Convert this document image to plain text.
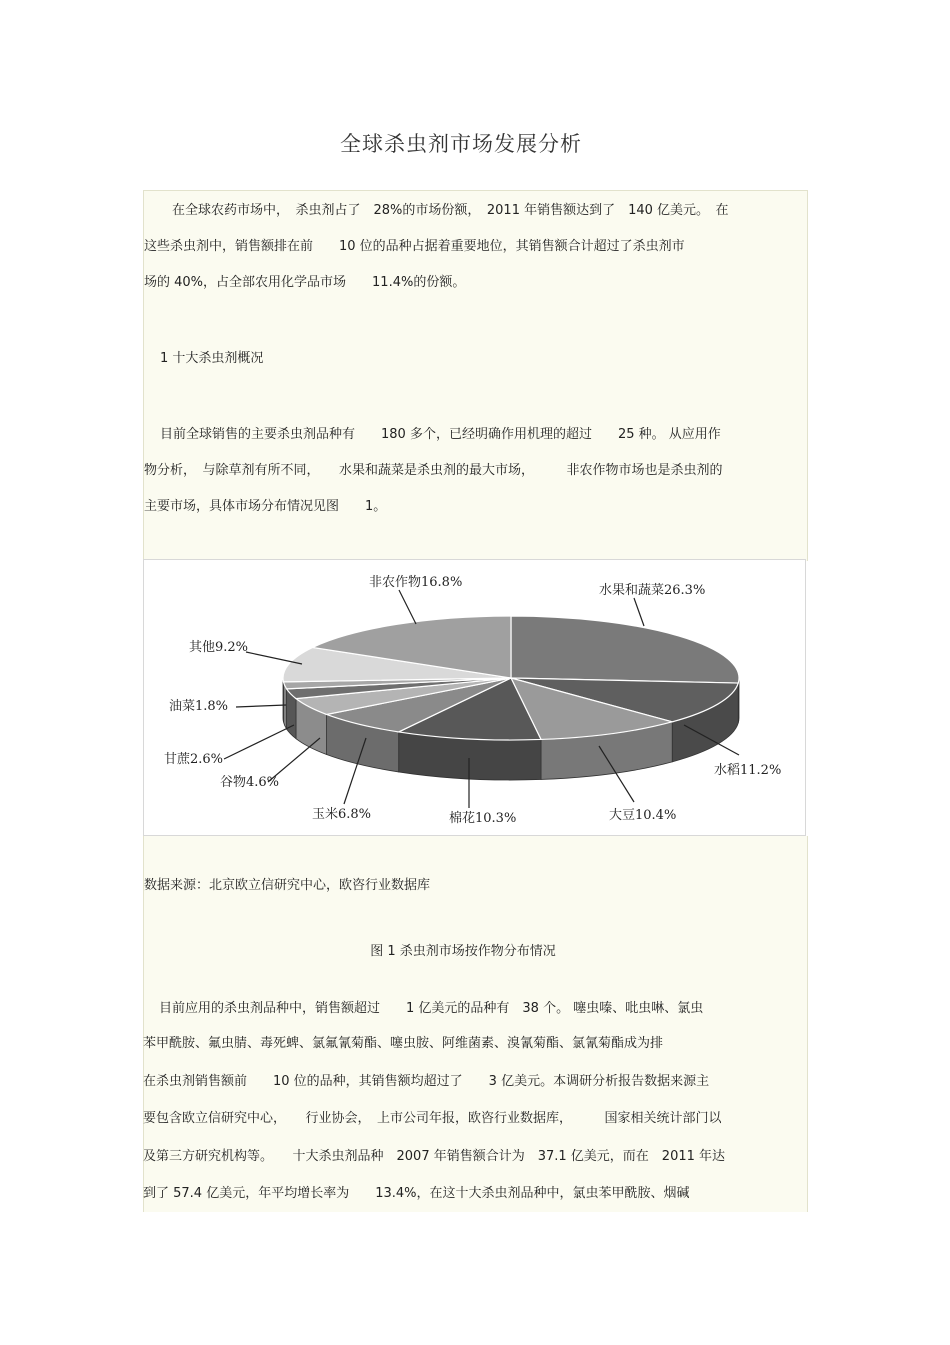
全球杀虫剂市场发展分析
在全球农药市场中，　杀虫剂占了　28%的市场份额，　2011 年销售额达到了　140 亿美元。　在
这些杀虫剂中，销售额排在前　　10 位的品种占据着重要地位，其销售额合计超过了杀虫剂市
场的 40%，占全部农用化学品市场　　11.4%的份额。
1 十大杀虫剂概况
目前全球销售的主要杀虫剂品种有　　180 多个，已经明确作用机理的超过　　25 种。 从应用作
物分析，　与除草剂有所不同，　　水果和蔬菜是杀虫剂的最大市场，　　　非农作物市场也是杀虫剂的
主要市场，具体市场分布情况见图　　1。
水果和蔬菜26.3%
水稻11.2%
大豆10.4%
棉花10.3%
玉米6.8%
谷物4.6%
甘蔗2.6%
油菜1.8%
其他9.2%
非农作物16.8%
数据来源：北京欧立信研究中心，欧咨行业数据库
图 1 杀虫剂市场按作物分布情况
目前应用的杀虫剂品种中，销售额超过　　1 亿美元的品种有　38 个。 噻虫嗪、吡虫啉、氯虫
苯甲酰胺、氟虫腈、毒死蜱、氯氟氰菊酯、噻虫胺、阿维菌素、溴氰菊酯、氯氰菊酯成为排
在杀虫剂销售额前　　10 位的品种，其销售额均超过了　　3 亿美元。本调研分析报告数据来源主
要包含欧立信研究中心，　　行业协会，　上市公司年报，欧咨行业数据库，　　　国家相关统计部门以
及第三方研究机构等。　　十大杀虫剂品种　2007 年销售额合计为　37.1 亿美元，而在　2011 年达
到了 57.4 亿美元，年平均增长率为　　13.4%，在这十大杀虫剂品种中，氯虫苯甲酰胺、烟碱
